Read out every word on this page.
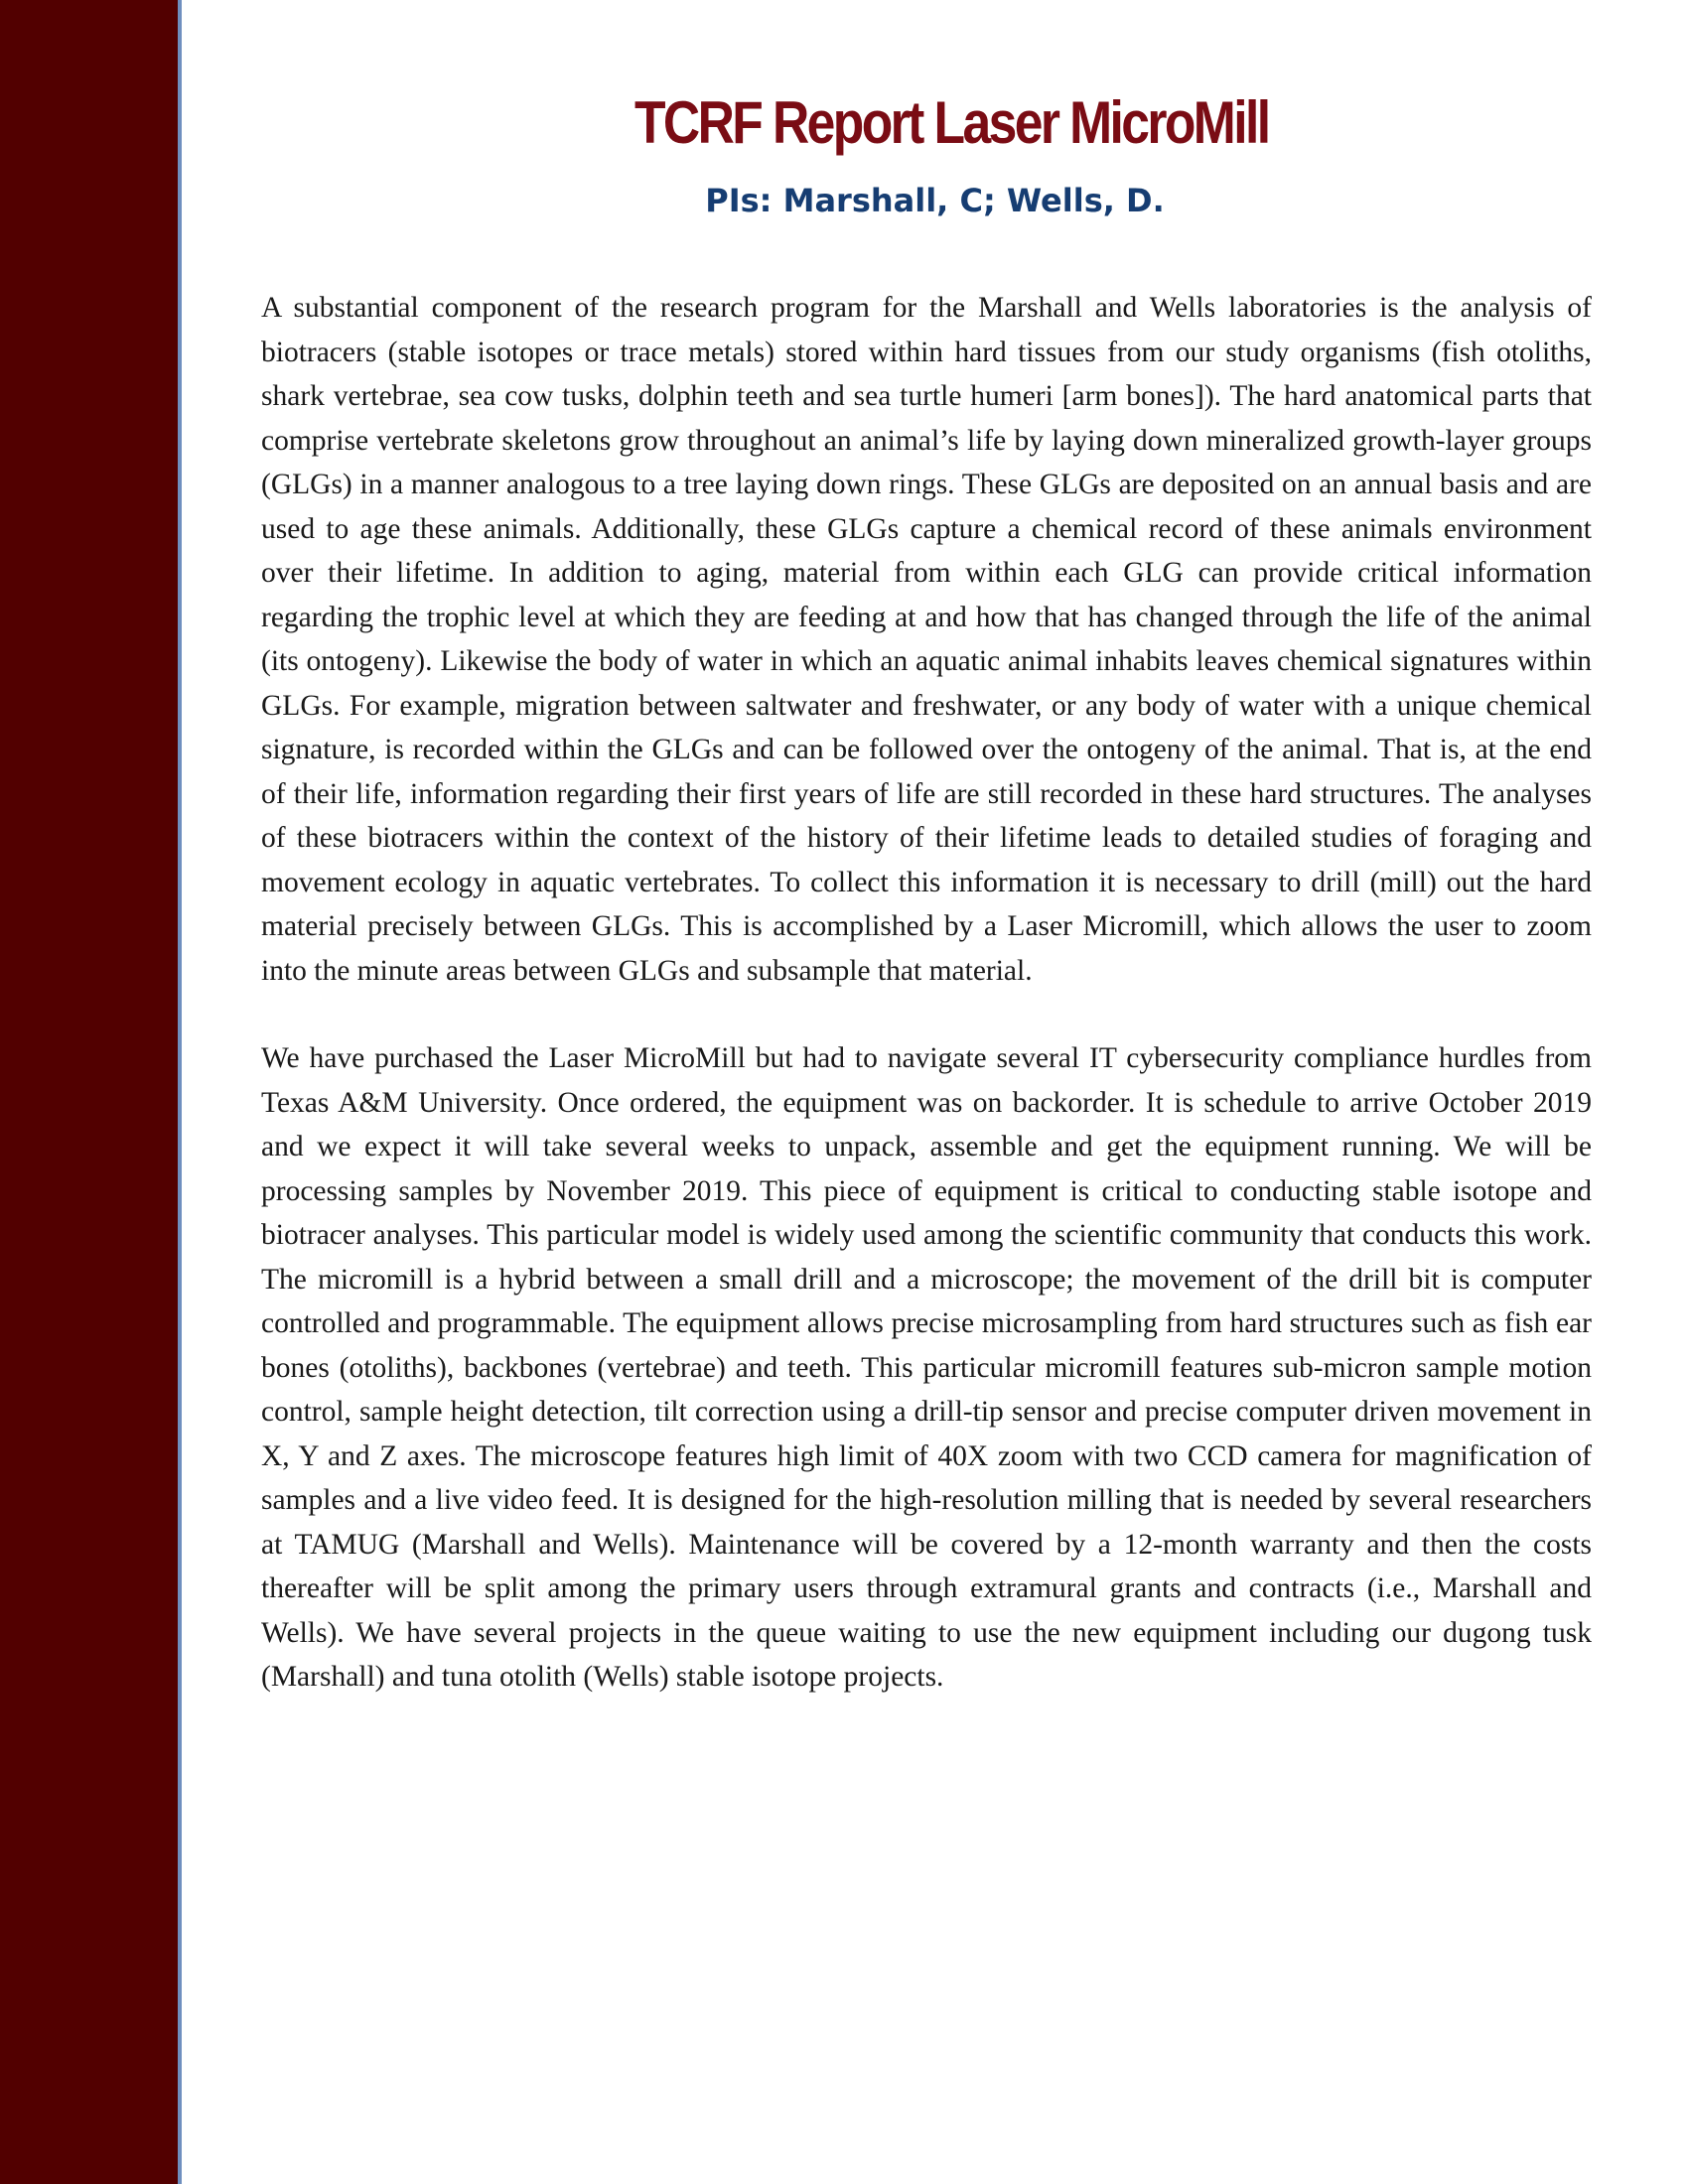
TCRF Report Laser MicroMill
PIs: Marshall, C; Wells, D.

A substantial component of the research program for the Marshall and Wells laboratories is the analysis of biotracers (stable isotopes or trace metals) stored within hard tissues from our study organisms (fish otoliths, shark vertebrae, sea cow tusks, dolphin teeth and sea turtle humeri [arm bones]). The hard anatomical parts that comprise vertebrate skeletons grow throughout an animal’s life by laying down mineralized growth-layer groups (GLGs) in a manner analogous to a tree laying down rings. These GLGs are deposited on an annual basis and are used to age these animals. Additionally, these GLGs capture a chemical record of these animals environment over their lifetime. In addition to aging, material from within each GLG can provide critical information regarding the trophic level at which they are feeding at and how that has changed through the life of the animal (its ontogeny). Likewise the body of water in which an aquatic animal inhabits leaves chemical signatures within GLGs. For example, migration between saltwater and freshwater, or any body of water with a unique chemical signature, is recorded within the GLGs and can be followed over the ontogeny of the animal. That is, at the end of their life, information regarding their first years of life are still recorded in these hard structures. The analyses of these biotracers within the context of the history of their lifetime leads to detailed studies of foraging and movement ecology in aquatic vertebrates. To collect this information it is necessary to drill (mill) out the hard material precisely between GLGs. This is accomplished by a Laser Micromill, which allows the user to zoom into the minute areas between GLGs and subsample that material.

We have purchased the Laser MicroMill but had to navigate several IT cybersecurity compliance hurdles from Texas A&M University. Once ordered, the equipment was on backorder. It is schedule to arrive October 2019 and we expect it will take several weeks to unpack, assemble and get the equipment running. We will be processing samples by November 2019. This piece of equipment is critical to conducting stable isotope and biotracer analyses. This particular model is widely used among the scientific community that conducts this work. The micromill is a hybrid between a small drill and a microscope; the movement of the drill bit is computer controlled and programmable. The equipment allows precise microsampling from hard structures such as fish ear bones (otoliths), backbones (vertebrae) and teeth. This particular micromill features sub-micron sample motion control, sample height detection, tilt correction using a drill-tip sensor and precise computer driven movement in X, Y and Z axes. The microscope features high limit of 40X zoom with two CCD camera for magnification of samples and a live video feed. It is designed for the high-resolution milling that is needed by several researchers at TAMUG (Marshall and Wells). Maintenance will be covered by a 12-month warranty and then the costs thereafter will be split among the primary users through extramural grants and contracts (i.e., Marshall and Wells). We have several projects in the queue waiting to use the new equipment including our dugong tusk (Marshall) and tuna otolith (Wells) stable isotope projects.
